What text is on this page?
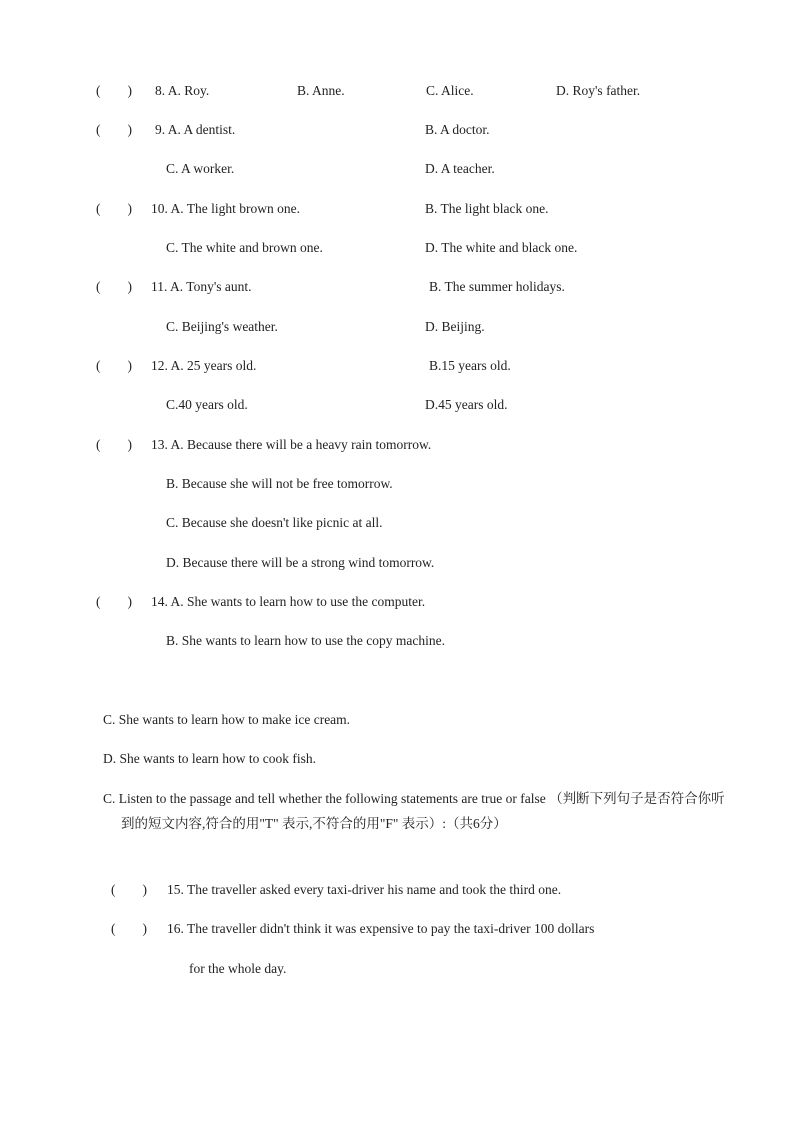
(　　) 8. A. Roy.	B. Anne.	C. Alice.	D. Roy's father.
(　　) 9. A. A dentist.	B. A doctor.
C. A worker.	D. A teacher.
(　　) 10. A. The light brown one.	B. The light black one.
C. The white and brown one.	D. The white and black one.
(　　) 11. A. Tony's aunt.	B. The summer holidays.
C. Beijing's weather.	D. Beijing.
(　　) 12. A. 25 years old.	B.15 years old.
C.40 years old.	D.45 years old.
(　　) 13. A. Because there will be a heavy rain tomorrow.
B. Because she will not be free tomorrow.
C. Because she doesn't like picnic at all.
D. Because there will be a strong wind tomorrow.
(　　) 14. A. She wants to learn how to use the computer.
B. She wants to learn how to use the copy machine.
C. She wants to learn how to make ice cream.
D. She wants to learn how to cook fish.
C. Listen to the passage and tell whether the following statements are true or false （判断下列句子是否符合你听到的短文内容,符合的用"T" 表示,不符合的用"F" 表示）:（共6分）
(　　) 15. The traveller asked every taxi-driver his name and took the third one.
(　　) 16. The traveller didn't think it was expensive to pay the taxi-driver 100 dollars
for the whole day.
